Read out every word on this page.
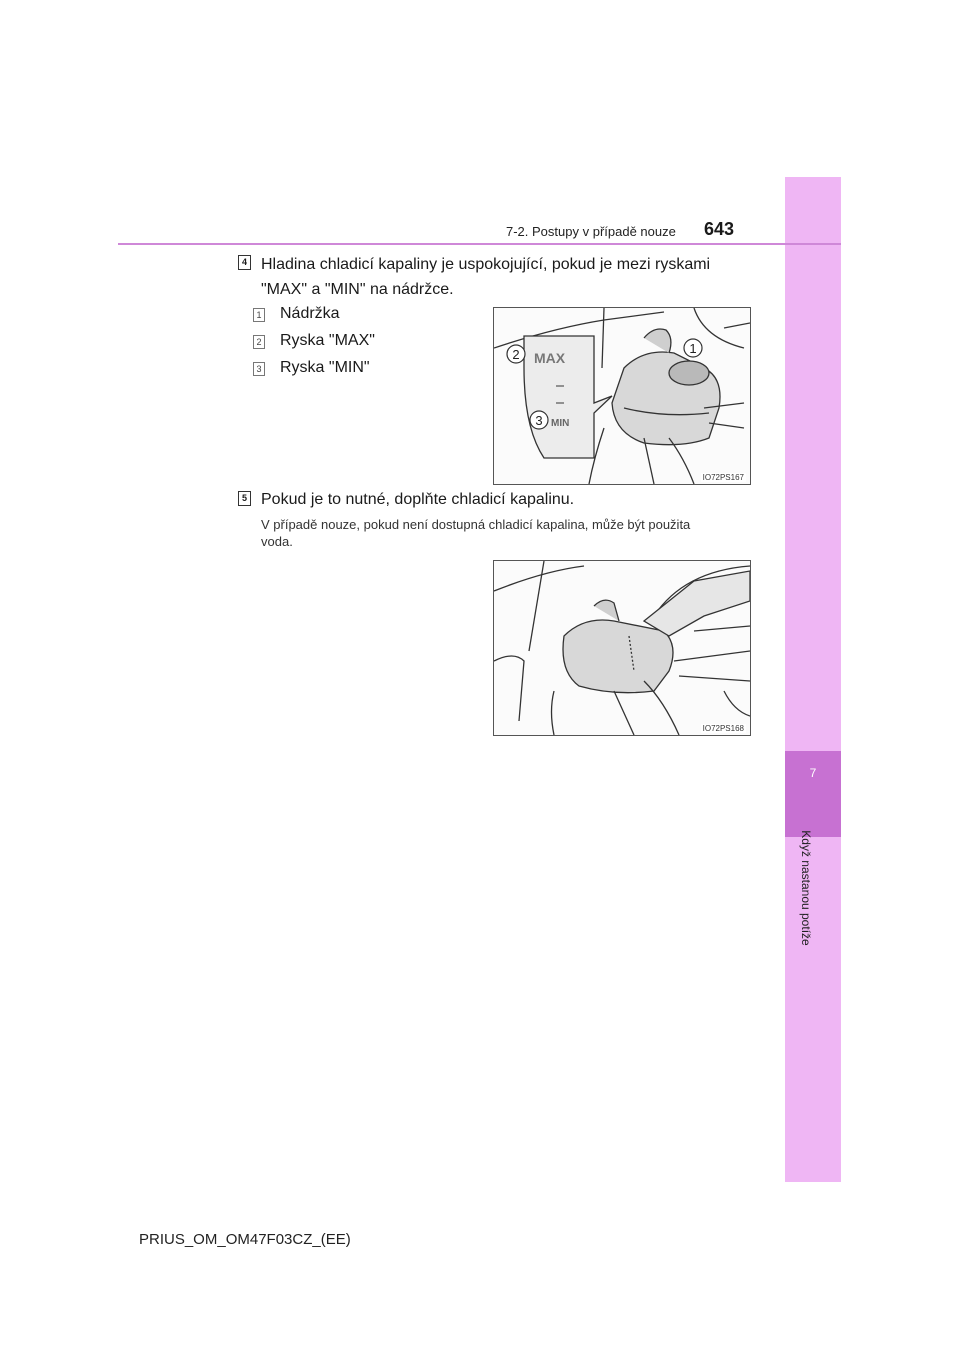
7
Když nastanou potíže
7-2. Postupy v případě nouze 643
4 Hladina chladicí kapaliny je uspokojující, pokud je mezi ryskami
"MAX" a "MIN" na nádržce.
1 Nádržka
2 Ryska "MAX"
3 Ryska "MIN"
MAX
MIN
2
3
1
IO72PS167
5 Pokud je to nutné, doplňte chladicí kapalinu.
V případě nouze, pokud není dostupná chladicí kapalina, může být použita
voda.
IO72PS168
PRIUS_OM_OM47F03CZ_(EE)
